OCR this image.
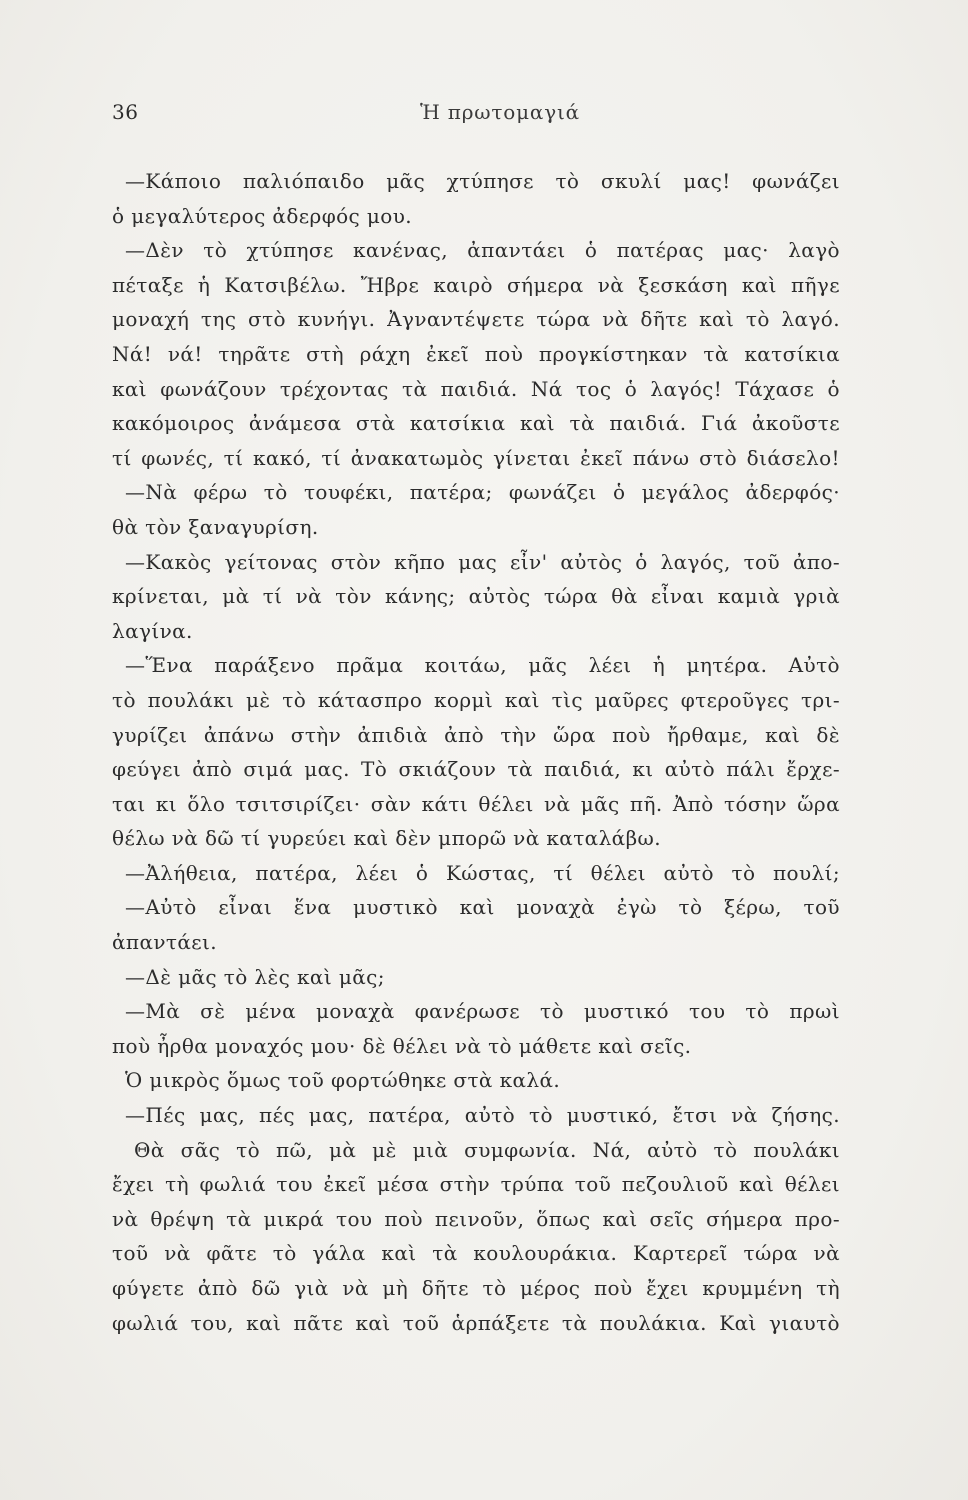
36	Ἡ πρωτομαγιά
—Κάποιο παλιόπαιδο μᾶς χτύπησε τὸ σκυλί μας! φωνάζει
ὁ μεγαλύτερος ἀδερφός μου.
—Δὲν τὸ χτύπησε κανένας, ἀπαντάει ὁ πατέρας μας· λαγὸ
πέταξε ἡ Κατσιβέλω. Ἤβρε καιρὸ σήμερα νὰ ξεσκάση καὶ πῆγε
μοναχή της στὸ κυνήγι. Ἀγναντέψετε τώρα νὰ δῆτε καὶ τὸ λαγό.
Νά! νά! τηρᾶτε στὴ ράχη ἐκεῖ ποὺ προγκίστηκαν τὰ κατσίκια
καὶ φωνάζουν τρέχοντας τὰ παιδιά. Νά τος ὁ λαγός! Τάχασε ὁ
κακόμοιρος ἀνάμεσα στὰ κατσίκια καὶ τὰ παιδιά. Γιά ἀκοῦστε
τί φωνές, τί κακό, τί ἀνακατωμὸς γίνεται ἐκεῖ πάνω στὸ διάσελο!
—Νὰ φέρω τὸ τουφέκι, πατέρα; φωνάζει ὁ μεγάλος ἀδερφός·
θὰ τὸν ξαναγυρίση.
—Κακὸς γείτονας στὸν κῆπο μας εἶν' αὐτὸς ὁ λαγός, τοῦ ἀπο-
κρίνεται, μὰ τί νὰ τὸν κάνης; αὐτὸς τώρα θὰ εἶναι καμιὰ γριὰ
λαγίνα.
—Ἕνα παράξενο πρᾶμα κοιτάω, μᾶς λέει ἡ μητέρα. Αὐτὸ
τὸ πουλάκι μὲ τὸ κάτασπρο κορμὶ καὶ τὶς μαῦρες φτεροῦγες τρι-
γυρίζει ἀπάνω στὴν ἀπιδιὰ ἀπὸ τὴν ὥρα ποὺ ἤρθαμε, καὶ δὲ
φεύγει ἀπὸ σιμά μας. Τὸ σκιάζουν τὰ παιδιά, κι αὐτὸ πάλι ἔρχε-
ται κι ὅλο τσιτσιρίζει· σὰν κάτι θέλει νὰ μᾶς πῆ. Ἀπὸ τόσην ὥρα
θέλω νὰ δῶ τί γυρεύει καὶ δὲν μπορῶ νὰ καταλάβω.
—Ἀλήθεια, πατέρα, λέει ὁ Κώστας, τί θέλει αὐτὸ τὸ πουλί;
—Αὐτὸ εἶναι ἕνα μυστικὸ καὶ μοναχὰ ἐγὼ τὸ ξέρω, τοῦ
ἀπαντάει.
—Δὲ μᾶς τὸ λὲς καὶ μᾶς;
—Μὰ σὲ μένα μοναχὰ φανέρωσε τὸ μυστικό του τὸ πρωὶ
ποὺ ἦρθα μοναχός μου· δὲ θέλει νὰ τὸ μάθετε καὶ σεῖς.
Ὁ μικρὸς ὅμως τοῦ φορτώθηκε στὰ καλά.
—Πές μας, πές μας, πατέρα, αὐτὸ τὸ μυστικό, ἔτσι νὰ ζήσης.
Θὰ σᾶς τὸ πῶ, μὰ μὲ μιὰ συμφωνία. Νά, αὐτὸ τὸ πουλάκι
ἔχει τὴ φωλιά του ἐκεῖ μέσα στὴν τρύπα τοῦ πεζουλιοῦ καὶ θέλει
νὰ θρέψη τὰ μικρά του ποὺ πεινοῦν, ὅπως καὶ σεῖς σήμερα προ-
τοῦ νὰ φᾶτε τὸ γάλα καὶ τὰ κουλουράκια. Καρτερεῖ τώρα νὰ
φύγετε ἀπὸ δῶ γιὰ νὰ μὴ δῆτε τὸ μέρος ποὺ ἔχει κρυμμένη τὴ
φωλιά του, καὶ πᾶτε καὶ τοῦ ἁρπάξετε τὰ πουλάκια. Καὶ γιαυτὸ
